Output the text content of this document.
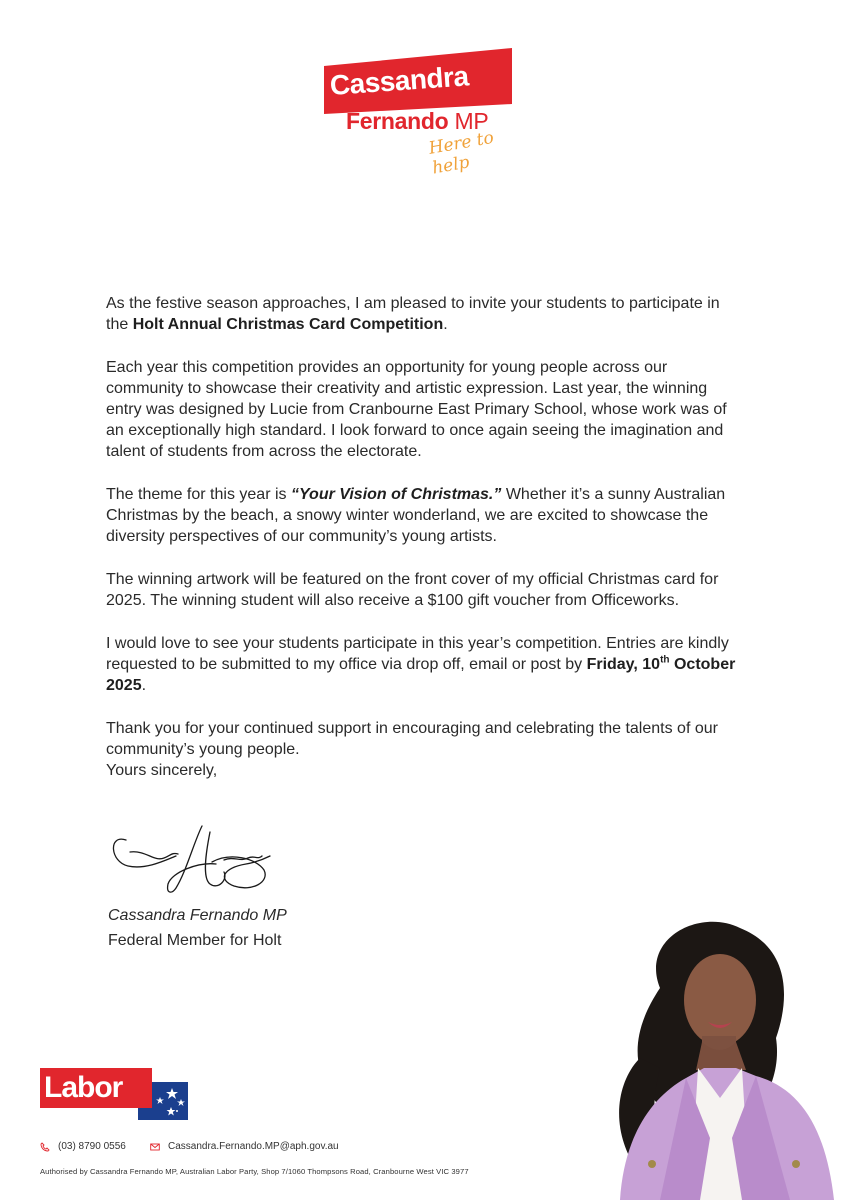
Cassandra
Fernando MP
Here to help

As the festive season approaches, I am pleased to invite your students to participate in the Holt Annual Christmas Card Competition.

Each year this competition provides an opportunity for young people across our community to showcase their creativity and artistic expression. Last year, the winning entry was designed by Lucie from Cranbourne East Primary School, whose work was of an exceptionally high standard. I look forward to once again seeing the imagination and talent of students from across the electorate.

The theme for this year is “Your Vision of Christmas.” Whether it’s a sunny Australian Christmas by the beach, a snowy winter wonderland, we are excited to showcase the diversity perspectives of our community’s young artists.

The winning artwork will be featured on the front cover of my official Christmas card for 2025. The winning student will also receive a $100 gift voucher from Officeworks.

I would love to see your students participate in this year’s competition. Entries are kindly requested to be submitted to my office via drop off, email or post by Friday, 10th October 2025.

Thank you for your continued support in encouraging and celebrating the talents of our community’s young people.

Yours sincerely,

Cassandra Fernando MP
Federal Member for Holt
Labor
(03) 8790 0556	Cassandra.Fernando.MP@aph.gov.au
Authorised by Cassandra Fernando MP, Australian Labor Party, Shop 7/1060 Thompsons Road, Cranbourne West VIC 3977
